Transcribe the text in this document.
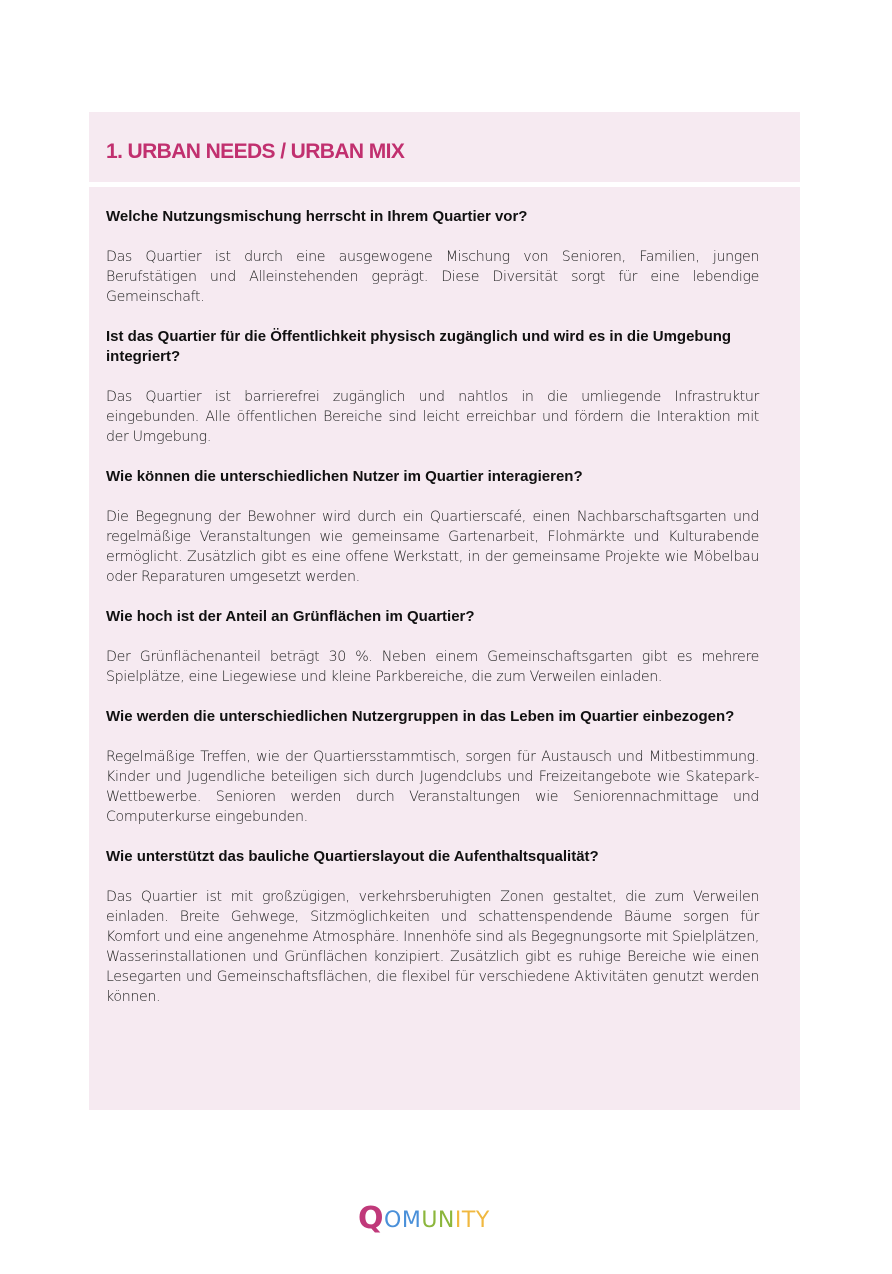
1. URBAN NEEDS / URBAN MIX

Welche Nutzungsmischung herrscht in Ihrem Quartier vor?

Das Quartier ist durch eine ausgewogene Mischung von Senioren, Familien, jungen Berufstätigen und Alleinstehenden geprägt. Diese Diversität sorgt für eine lebendige Gemeinschaft.

Ist das Quartier für die Öffentlichkeit physisch zugänglich und wird es in die Umgebung integriert?

Das Quartier ist barrierefrei zugänglich und nahtlos in die umliegende Infrastruktur eingebunden. Alle öffentlichen Bereiche sind leicht erreichbar und fördern die Interaktion mit der Umgebung.

Wie können die unterschiedlichen Nutzer im Quartier interagieren?

Die Begegnung der Bewohner wird durch ein Quartierscafé, einen Nachbarschaftsgarten und regelmäßige Veranstaltungen wie gemeinsame Gartenarbeit, Flohmärkte und Kulturabende ermöglicht. Zusätzlich gibt es eine offene Werkstatt, in der gemeinsame Projekte wie Möbelbau oder Reparaturen umgesetzt werden.

Wie hoch ist der Anteil an Grünflächen im Quartier?

Der Grünflächenanteil beträgt 30 %. Neben einem Gemeinschaftsgarten gibt es mehrere Spielplätze, eine Liegewiese und kleine Parkbereiche, die zum Verweilen einladen.

Wie werden die unterschiedlichen Nutzergruppen in das Leben im Quartier einbezogen?

Regelmäßige Treffen, wie der Quartiersstammtisch, sorgen für Austausch und Mitbestimmung. Kinder und Jugendliche beteiligen sich durch Jugendclubs und Freizeitangebote wie Skatepark-Wettbewerbe. Senioren werden durch Veranstaltungen wie Seniorennachmittage und Computerkurse eingebunden.

Wie unterstützt das bauliche Quartierslayout die Aufenthaltsqualität?

Das Quartier ist mit großzügigen, verkehrsberuhigten Zonen gestaltet, die zum Verweilen einladen. Breite Gehwege, Sitzmöglichkeiten und schattenspendende Bäume sorgen für Komfort und eine angenehme Atmosphäre. Innenhöfe sind als Begegnungsorte mit Spielplätzen, Wasserinstallationen und Grünflächen konzipiert. Zusätzlich gibt es ruhige Bereiche wie einen Lesegarten und Gemeinschaftsflächen, die flexibel für verschiedene Aktivitäten genutzt werden können.

Q OM UN ITY
